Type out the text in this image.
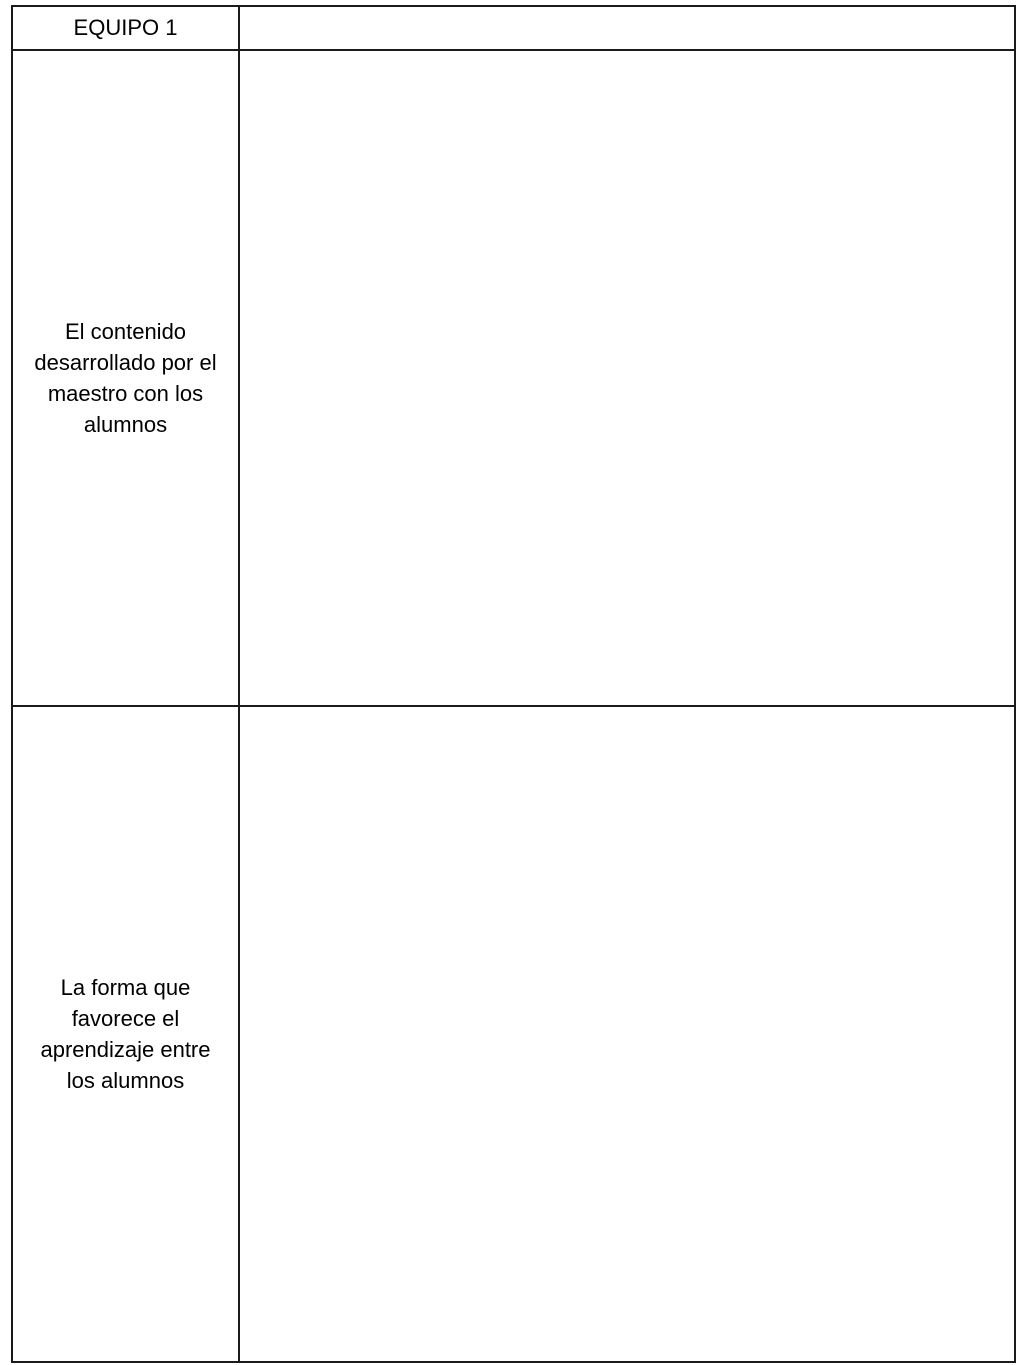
EQUIPO 1	

El contenido
desarrollado por el
maestro con los
alumnos	

La forma que
favorece el
aprendizaje entre
los alumnos	
